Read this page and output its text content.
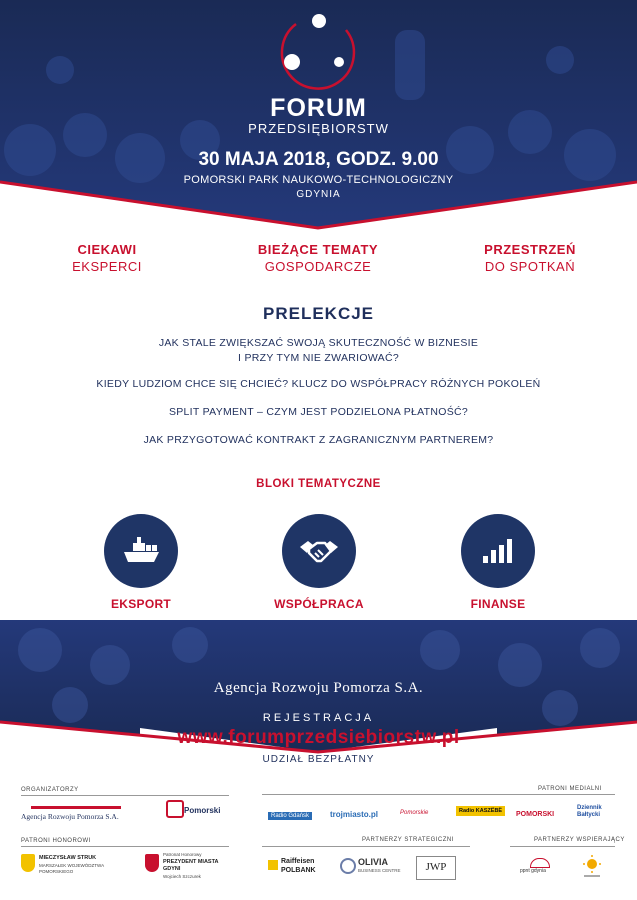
FORUM
PRZEDSIĘBIORSTW
30 MAJA 2018, GODZ. 9.00
POMORSKI PARK NAUKOWO-TECHNOLOGICZNY
GDYNIA
CIEKAWI
EKSPERCI
BIEŻĄCE TEMATY
GOSPODARCZE
PRZESTRZEŃ
DO SPOTKAŃ
PRELEKCJE
JAK STALE ZWIĘKSZAĆ SWOJĄ SKUTECZNOŚĆ W BIZNESIE
I PRZY TYM NIE ZWARIOWAĆ?
KIEDY LUDZIOM CHCE SIĘ CHCIEĆ? KLUCZ DO WSPÓŁPRACY RÓŻNYCH POKOLEŃ
SPLIT PAYMENT – CZYM JEST PODZIELONA PŁATNOŚĆ?
JAK PRZYGOTOWAĆ KONTRAKT Z ZAGRANICZNYM PARTNEREM?
BLOKI TEMATYCZNE
EKSPORT	WSPÓŁPRACA	FINANSE
Agencja Rozwoju Pomorza S.A.
REJESTRACJA
www.forumprzedsiebiorstw.pl
UDZIAŁ BEZPŁATNY
ORGANIZATORZY
Agencja Rozwoju Pomorza S.A.
Pomorski
PATRONI HONOROWI
MIECZYSŁAW STRUK
MARSZAŁEK WOJEWÓDZTWA POMORSKIEGO
Patronat Honorowy
PREZYDENT MIASTA GDYNI
Wojciech Szczurek
PATRONI MEDIALNI
Radio Gdańsk	trojmiasto.pl	Pomorskie	Radio KASZËBË	POMORSKI
Dziennik Bałtycki
PARTNERZY STRATEGICZNI
Raiffeisen
POLBANK
OLIVIA
BUSINESS CENTRE	JWP
PARTNERZY WSPIERAJĄCY
ppnt gdynia
